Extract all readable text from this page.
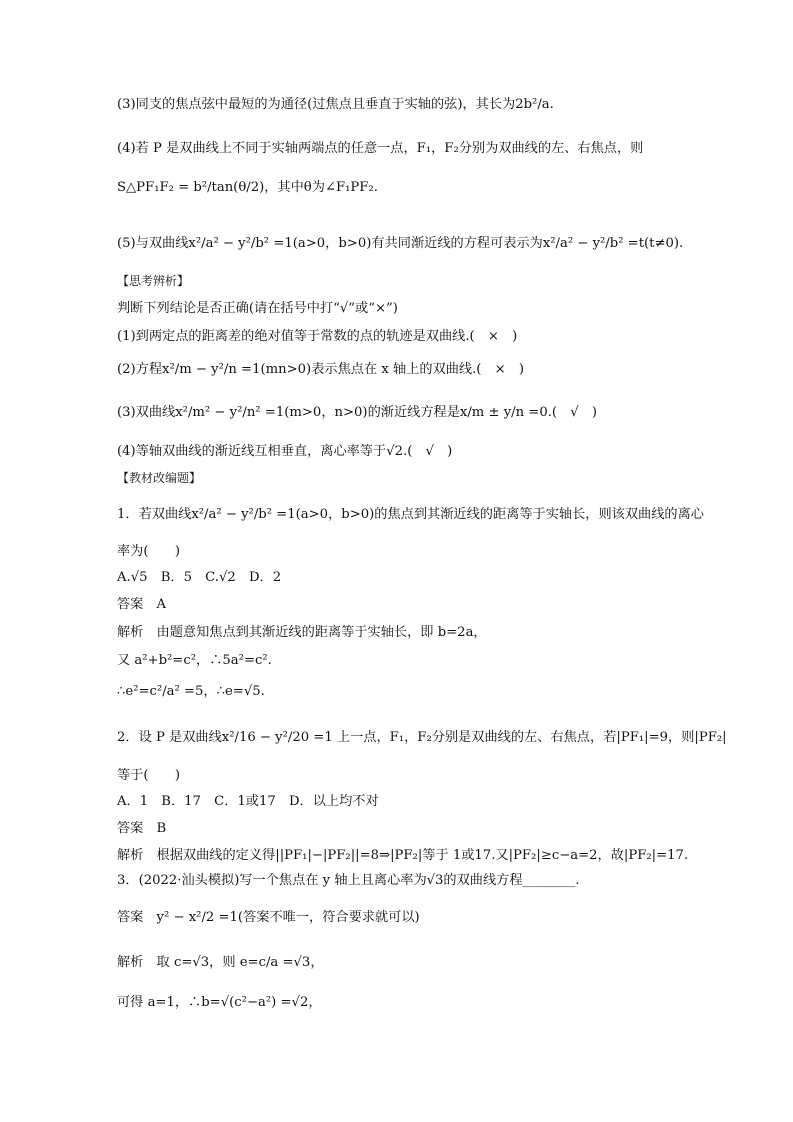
(3)同支的焦点弦中最短的为通径(过焦点且垂直于实轴的弦)，其长为2b²/a.
(4)若 P 是双曲线上不同于实轴两端点的任意一点，F₁，F₂分别为双曲线的左、右焦点，则
S△PF₁F₂ = b²/tan(θ/2)，其中θ为∠F₁PF₂.
(5)与双曲线x²/a² − y²/b² =1(a>0，b>0)有共同渐近线的方程可表示为x²/a² − y²/b² =t(t≠0).
【思考辨析】
判断下列结论是否正确(请在括号中打“√”或“×”)
(1)到两定点的距离差的绝对值等于常数的点的轨迹是双曲线.(　×　)
(2)方程x²/m − y²/n =1(mn>0)表示焦点在 x 轴上的双曲线.(　×　)
(3)双曲线x²/m² − y²/n² =1(m>0，n>0)的渐近线方程是x/m ± y/n =0.(　√　)
(4)等轴双曲线的渐近线互相垂直，离心率等于√2.(　√　)
【教材改编题】
1．若双曲线x²/a² − y²/b² =1(a>0，b>0)的焦点到其渐近线的距离等于实轴长，则该双曲线的离心
率为(　　)
A.√5　B．5　C.√2　D．2
答案　A
解析　由题意知焦点到其渐近线的距离等于实轴长，即 b=2a，
又 a²+b²=c²，∴5a²=c².
∴e²=c²/a² =5，∴e=√5.
2．设 P 是双曲线x²/16 − y²/20 =1 上一点，F₁，F₂分别是双曲线的左、右焦点，若|PF₁|=9，则|PF₂|
等于(　　)
A．1　B．17　C．1或17　D．以上均不对
答案　B
解析　根据双曲线的定义得||PF₁|−|PF₂||=8⇒|PF₂|等于 1或17.又|PF₂|≥c−a=2，故|PF₂|=17.
3．(2022·汕头模拟)写一个焦点在 y 轴上且离心率为√3的双曲线方程________.
答案　y² − x²/2 =1(答案不唯一，符合要求就可以)
解析　取 c=√3，则 e=c/a =√3，
可得 a=1，∴b=√(c²−a²) =√2，
